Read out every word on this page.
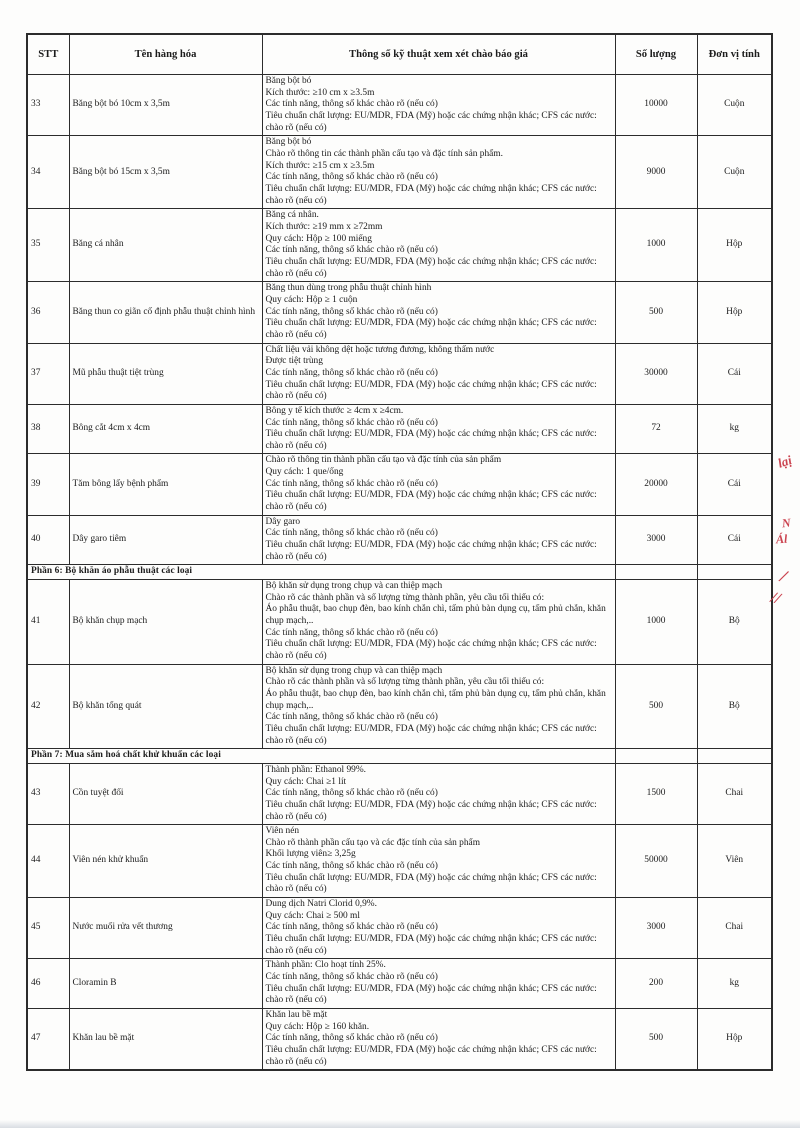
STT	Tên hàng hóa	Thông số kỹ thuật xem xét chào báo giá	Số lượng	Đơn vị tính
33	Băng bột bó 10cm x 3,5m	Băng bột bó
Kích thước: ≥10 cm x ≥3.5m
Các tính năng, thông số khác chào rõ (nếu có)
Tiêu chuẩn chất lượng: EU/MDR, FDA (Mỹ) hoặc các chứng nhận khác; CFS các nước: chào rõ (nếu có)	10000	Cuộn
34	Băng bột bó 15cm x 3,5m	Băng bột bó
Chào rõ thông tin các thành phần cấu tạo và đặc tính sản phẩm.
Kích thước: ≥15 cm x ≥3.5m
Các tính năng, thông số khác chào rõ (nếu có)
Tiêu chuẩn chất lượng: EU/MDR, FDA (Mỹ) hoặc các chứng nhận khác; CFS các nước: chào rõ (nếu có)	9000	Cuộn
35	Băng cá nhân	Băng cá nhân.
Kích thước: ≥19 mm x ≥72mm
Quy cách: Hộp ≥ 100 miếng
Các tính năng, thông số khác chào rõ (nếu có)
Tiêu chuẩn chất lượng: EU/MDR, FDA (Mỹ) hoặc các chứng nhận khác; CFS các nước: chào rõ (nếu có)	1000	Hộp
36	Băng thun co giãn cố định phẫu thuật chỉnh hình	Băng thun dùng trong phẫu thuật chỉnh hình
Quy cách: Hộp ≥ 1 cuộn
Các tính năng, thông số khác chào rõ (nếu có)
Tiêu chuẩn chất lượng: EU/MDR, FDA (Mỹ) hoặc các chứng nhận khác; CFS các nước: chào rõ (nếu có)	500	Hộp
37	Mũ phẫu thuật tiệt trùng	Chất liệu vải không dệt hoặc tương đương, không thấm nước
Được tiệt trùng
Các tính năng, thông số khác chào rõ (nếu có)
Tiêu chuẩn chất lượng: EU/MDR, FDA (Mỹ) hoặc các chứng nhận khác; CFS các nước: chào rõ (nếu có)	30000	Cái
38	Bông cắt 4cm x 4cm	Bông y tế kích thước ≥ 4cm x ≥4cm.
Các tính năng, thông số khác chào rõ (nếu có)
Tiêu chuẩn chất lượng: EU/MDR, FDA (Mỹ) hoặc các chứng nhận khác; CFS các nước: chào rõ (nếu có)	72	kg
39	Tăm bông lấy bệnh phẩm	Chào rõ thông tin thành phần cấu tạo và đặc tính của sản phẩm
Quy cách: 1 que/ống
Các tính năng, thông số khác chào rõ (nếu có)
Tiêu chuẩn chất lượng: EU/MDR, FDA (Mỹ) hoặc các chứng nhận khác; CFS các nước: chào rõ (nếu có)	20000	Cái
40	Dây garo tiêm	Dây garo
Các tính năng, thông số khác chào rõ (nếu có)
Tiêu chuẩn chất lượng: EU/MDR, FDA (Mỹ) hoặc các chứng nhận khác; CFS các nước: chào rõ (nếu có)	3000	Cái
Phần 6: Bộ khăn áo phẫu thuật các loại				
41	Bộ khăn chụp mạch	Bộ khăn sử dụng trong chụp và can thiệp mạch
Chào rõ các thành phần và số lượng từng thành phần, yêu cầu tối thiểu có:
Áo phẫu thuật, bao chụp đèn, bao kính chắn chì, tấm phủ bàn dụng cụ, tấm phủ chắn, khăn chụp mạch,..
Các tính năng, thông số khác chào rõ (nếu có)
Tiêu chuẩn chất lượng: EU/MDR, FDA (Mỹ) hoặc các chứng nhận khác; CFS các nước: chào rõ (nếu có)	1000	Bộ
42	Bộ khăn tổng quát	Bộ khăn sử dụng trong chụp và can thiệp mạch
Chào rõ các thành phần và số lượng từng thành phần, yêu cầu tối thiểu có:
Áo phẫu thuật, bao chụp đèn, bao kính chắn chì, tấm phủ bàn dụng cụ, tấm phủ chắn, khăn chụp mạch,..
Các tính năng, thông số khác chào rõ (nếu có)
Tiêu chuẩn chất lượng: EU/MDR, FDA (Mỹ) hoặc các chứng nhận khác; CFS các nước: chào rõ (nếu có)	500	Bộ
Phần 7: Mua sắm hoá chất khử khuẩn các loại				
43	Cồn tuyệt đối	Thành phần: Ethanol 99%.
Quy cách: Chai ≥1 lít
Các tính năng, thông số khác chào rõ (nếu có)
Tiêu chuẩn chất lượng: EU/MDR, FDA (Mỹ) hoặc các chứng nhận khác; CFS các nước: chào rõ (nếu có)	1500	Chai
44	Viên nén khử khuẩn	Viên nén
Chào rõ thành phần cấu tạo và các đặc tính của sản phẩm
Khối lượng viên≥ 3,25g
Các tính năng, thông số khác chào rõ (nếu có)
Tiêu chuẩn chất lượng: EU/MDR, FDA (Mỹ) hoặc các chứng nhận khác; CFS các nước: chào rõ (nếu có)	50000	Viên
45	Nước muối rửa vết thương	Dung dịch Natri Clorid 0,9%.
Quy cách: Chai ≥ 500 ml
Các tính năng, thông số khác chào rõ (nếu có)
Tiêu chuẩn chất lượng: EU/MDR, FDA (Mỹ) hoặc các chứng nhận khác; CFS các nước: chào rõ (nếu có)	3000	Chai
46	Cloramin B	Thành phần: Clo hoạt tính 25%.
Các tính năng, thông số khác chào rõ (nếu có)
Tiêu chuẩn chất lượng: EU/MDR, FDA (Mỹ) hoặc các chứng nhận khác; CFS các nước: chào rõ (nếu có)	200	kg
47	Khăn lau bề mặt	Khăn lau bề mặt
Quy cách: Hộp ≥ 160 khăn.
Các tính năng, thông số khác chào rõ (nếu có)
Tiêu chuẩn chất lượng: EU/MDR, FDA (Mỹ) hoặc các chứng nhận khác; CFS các nước: chào rõ (nếu có)	500	Hộp
lạị
N
Ál
/
//
